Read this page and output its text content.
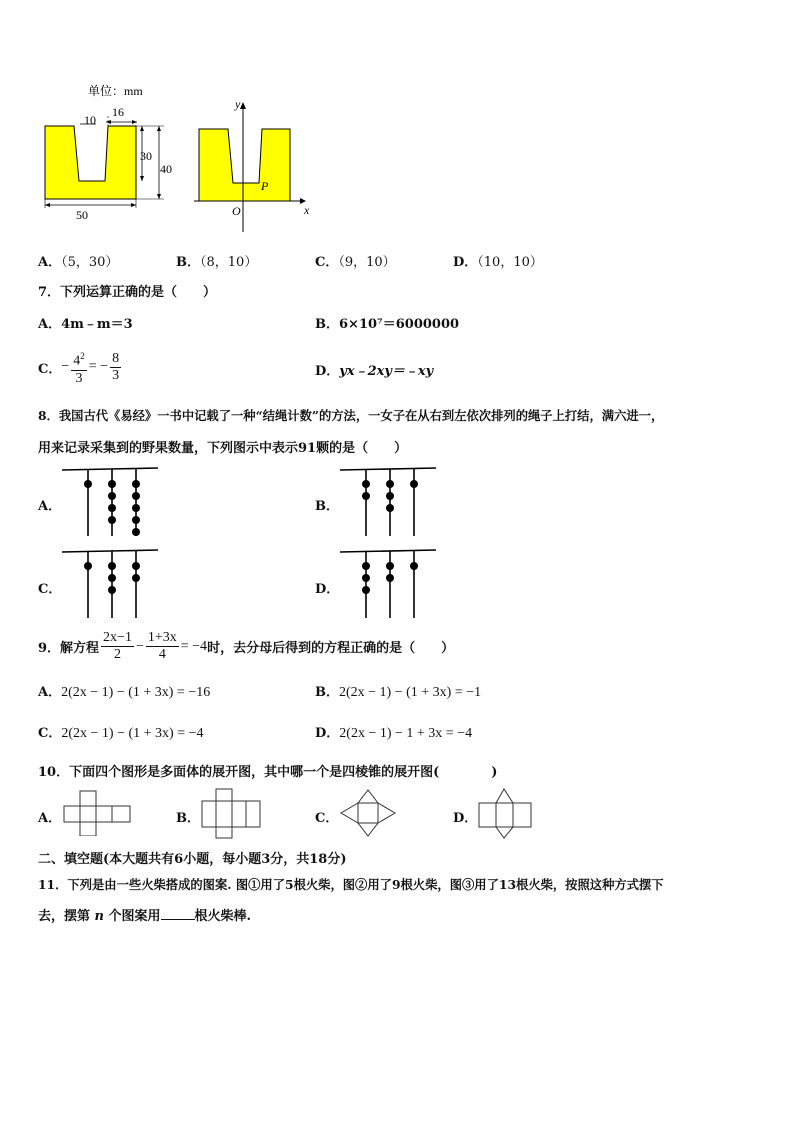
单位：mm
10
16
30
40
50
y
x
O
P
A．（5，30）	B．（8，10）	C．（9，10）	D．（10，10）
7．下列运算正确的是（　　）
A．4m﹣m＝3	B．6×10⁷＝6000000
C． − $\frac{4^2}{3}$ = − $\frac{8}{3}$	D．yx﹣2xy＝﹣xy
8．我国古代《易经》一书中记载了一种“结绳计数”的方法，一女子在从右到左依次排列的绳子上打结，满六进一，
用来记录采集到的野果数量，下列图示中表示91颗的是（　　）
A．	B．
C．	D．
9．解方程 $\frac{2x-1}{2} - \frac{1+3x}{4} = -4$ 时，去分母后得到的方程正确的是（　　）
A．2(2x − 1) − (1 + 3x) = −16	B．2(2x − 1) − (1 + 3x) = −1
C．2(2x − 1) − (1 + 3x) = −4	D．2(2x − 1) − 1 + 3x = −4
10．下面四个图形是多面体的展开图，其中哪一个是四棱锥的展开图(　　　　)
A．	B．	C．	D．
二、填空题(本大题共有6小题，每小题3分，共18分)
11．下列是由一些火柴搭成的图案. 图①用了5根火柴，图②用了9根火柴，图③用了13根火柴，按照这种方式摆下
去，摆第 n 个图案用	根火柴棒.
